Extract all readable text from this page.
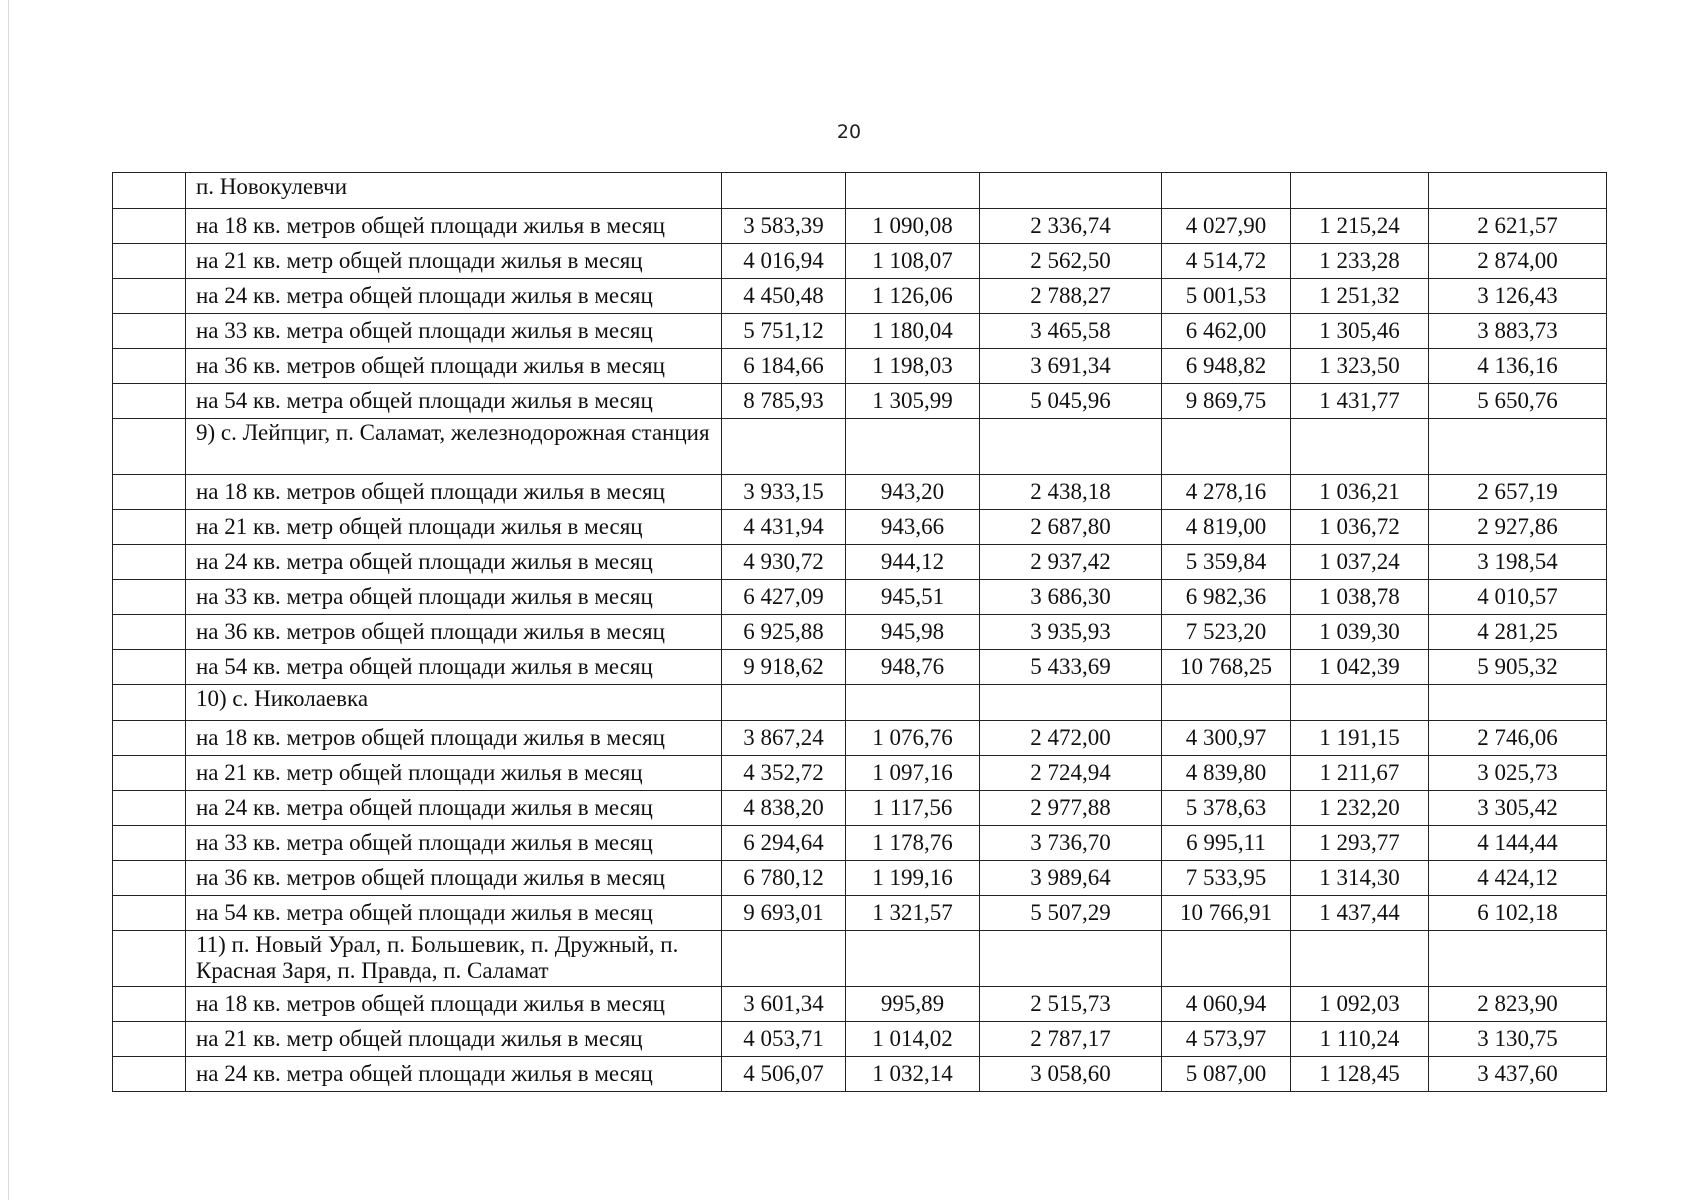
20
	п. Новокулевчи						
	на 18 кв. метров общей площади жилья в месяц	3 583,39	1 090,08	2 336,74	4 027,90	1 215,24	2 621,57
	на 21 кв. метр общей площади жилья в месяц	4 016,94	1 108,07	2 562,50	4 514,72	1 233,28	2 874,00
	на 24 кв. метра общей площади жилья в месяц	4 450,48	1 126,06	2 788,27	5 001,53	1 251,32	3 126,43
	на 33 кв. метра общей площади жилья в месяц	5 751,12	1 180,04	3 465,58	6 462,00	1 305,46	3 883,73
	на 36 кв. метров общей площади жилья в месяц	6 184,66	1 198,03	3 691,34	6 948,82	1 323,50	4 136,16
	на 54 кв. метра общей площади жилья в месяц	8 785,93	1 305,99	5 045,96	9 869,75	1 431,77	5 650,76
	9) с. Лейпциг, п. Саламат, железнодорожная станция						
	на 18 кв. метров общей площади жилья в месяц	3 933,15	943,20	2 438,18	4 278,16	1 036,21	2 657,19
	на 21 кв. метр общей площади жилья в месяц	4 431,94	943,66	2 687,80	4 819,00	1 036,72	2 927,86
	на 24 кв. метра общей площади жилья в месяц	4 930,72	944,12	2 937,42	5 359,84	1 037,24	3 198,54
	на 33 кв. метра общей площади жилья в месяц	6 427,09	945,51	3 686,30	6 982,36	1 038,78	4 010,57
	на 36 кв. метров общей площади жилья в месяц	6 925,88	945,98	3 935,93	7 523,20	1 039,30	4 281,25
	на 54 кв. метра общей площади жилья в месяц	9 918,62	948,76	5 433,69	10 768,25	1 042,39	5 905,32
	10) с. Николаевка						
	на 18 кв. метров общей площади жилья в месяц	3 867,24	1 076,76	2 472,00	4 300,97	1 191,15	2 746,06
	на 21 кв. метр общей площади жилья в месяц	4 352,72	1 097,16	2 724,94	4 839,80	1 211,67	3 025,73
	на 24 кв. метра общей площади жилья в месяц	4 838,20	1 117,56	2 977,88	5 378,63	1 232,20	3 305,42
	на 33 кв. метра общей площади жилья в месяц	6 294,64	1 178,76	3 736,70	6 995,11	1 293,77	4 144,44
	на 36 кв. метров общей площади жилья в месяц	6 780,12	1 199,16	3 989,64	7 533,95	1 314,30	4 424,12
	на 54 кв. метра общей площади жилья в месяц	9 693,01	1 321,57	5 507,29	10 766,91	1 437,44	6 102,18
	11) п. Новый Урал, п. Большевик, п. Дружный, п. Красная Заря, п. Правда, п. Саламат						
	на 18 кв. метров общей площади жилья в месяц	3 601,34	995,89	2 515,73	4 060,94	1 092,03	2 823,90
	на 21 кв. метр общей площади жилья в месяц	4 053,71	1 014,02	2 787,17	4 573,97	1 110,24	3 130,75
	на 24 кв. метра общей площади жилья в месяц	4 506,07	1 032,14	3 058,60	5 087,00	1 128,45	3 437,60
